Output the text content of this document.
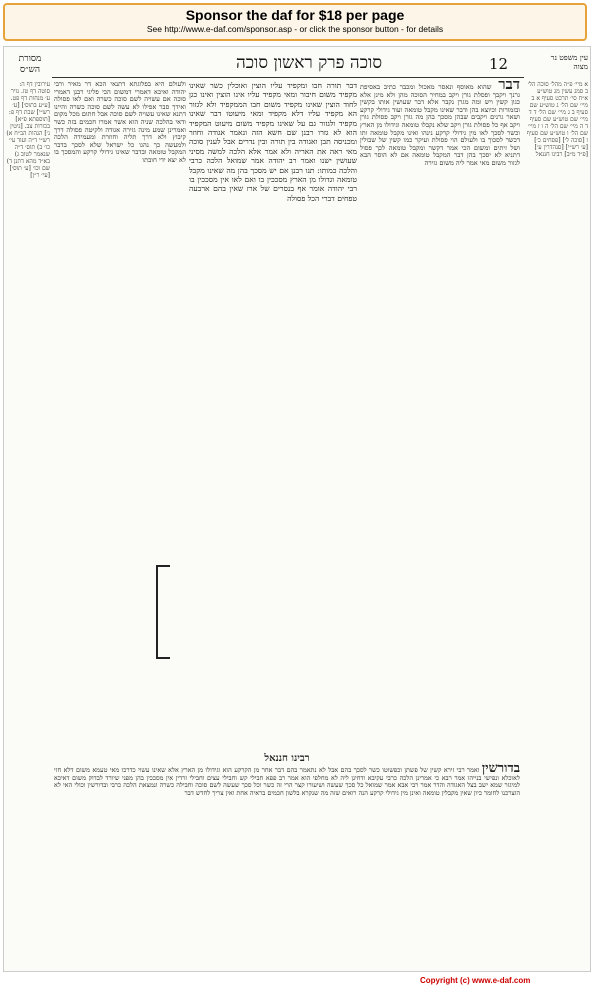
Sponsor the daf for $18 per page
See http://www.e-daf.com/sponsor.asp - or click the sponsor button - for details
מסורת הש״ס	סוכה פרק ראשון סוכה	12	עין משפט נר מצוה
עירובין דף ה: סוטה דף טז. נזיר ע׳ מנחות דף פט. [ע״ע בתוס׳] [ע׳ רש״י] שבת דף פ: [תוספתא פ״א] בכורות צב. [גיטין נ׳] הגהות הב״ח א) רש״י ד״ה ועוד עי׳ כו׳ ב) תוס׳ ד״ה שנאמר לטוב ג) בא״ד מהא דתנן ד) שם וכו׳ [ע׳ תוס׳] [עי׳ ר״ן]
א מיי׳ פ״ה מהל׳ סוכה הל׳ ב סמג עשין מג טוש״ע א״ח סי׳ תרכט סעיף א ב מיי׳ שם הל׳ ג טוש״ע שם סעיף ב ג מיי׳ שם הל׳ ד ד מיי׳ שם טוש״ע שם סעיף ד ה מיי׳ שם הל׳ ה ו ז מיי׳ שם הל׳ ו טוש״ע שם סעיף ו [סוכה ל׳] [פסחים כ׳] [ע׳ רש״י] [סנהדרין ע׳] [פ״ד מ״ב] רבינו חננאל
דבר שהוא מאוסף ונאסר מאכול ומכבר כתיב באסיפת גרנך ויקבך ופסלת גורן ויקב במחיר הסוכה מהן ולא מינן אלא כגון קשין ויש ומה מגרן נקבר אלא דבר שעושין אותו בקשין ובזמורות וכיוצא בהן ודבר שאינו מקבל טומאה ועוד גידולי קרקע ושאר גרנים ויקבים שבהן מסכך בהן מה גורן ויקב פסולת גורן ויקב אף כל פסולת גורן ויקב שלא נקבלו טומאה וגידולו מן הארץ וכשר לסכך לאו מין גידולי קרקע נינהו ואינו מקבל טומאה ותו דכשר לסכוך בו ולעולם הוי פסולת ועיקר כמו קשין של שבולין ושל זיתים ומשום הכי אמר דקשר ומקבל טומאה לכך פסול דתניא לא יסכך בהן דבר המקבל טומאה אם לא הוסר הבא לגזור משום מאי אמר ליה משום גזירה
דבר תורה חבו ומקפיד עליו הוצין ואוכלין כשר שאינו מקפיד משום חיבור ומאי מקפיד עליו אינו הוצין ואינו כגן לחוד הוצין שאינו מקפיד משום חבו הממקפיד ולא לגזור הא מקפיד עליו דלא מקפיד ומאי מיעוטו דבר שאינו מקפיד ולגזור גם על שאינו מקפיד משום מיעוט המקפיד הוא לא גזרו רבנן שם חשא הזה ונאמר אגודה וחוזר ומכניסה תבן ואגודה בין תורה ובין נדרים אבל לענין סוכה מאי ראה את האריה ולא אמר אלא הלכה למשה מסיני שעושין ישנו ואמר רב יהודה אמר שמואל הלכה כרבי והלכה כמותו: תנו רבנן אם יש מסכך בהן מה שאינו מקבל טומאה וגדולו מן הארץ מסככין בו ואם לאו אין מסככין בו רבי יהודה אומר אף בנסרים של ארז שאין בהם ארבעה טפחים דברי הכל פסולה
ולעולם היא בפלוגתא דתנאי הכא דר מאיר ורבי יהודה ואיכא דאמרי דמשום הכי פליגי רבנן דאמרי סוכה אם עשויה לשם סוכה כשרה ואם לאו פסולה ואידך סבר אפילו לא עשה לשם סוכה כשרה והיינו דתנא שאינו עשויה לשם סוכה אבל חתום מכל מקום ודאי בהלכה שניה הוא אשר אמרו חכמים בזה כשר ואמרינן שמע מינה גזירה אגודה ולקיטה פסולה דרך קיבוץ ולא דרך תליה וחוזרת ומעמידה הלכה ולמעשה כך נהגו כל ישראל שלא לסכך בדבר המקבל טומאה ובדבר שאינו גידולי קרקע והמסכך בו לא יצא ידי חובתו
רבינו חננאל
בדורשין ואמר רבי זירא קשין של פשתן וכפשוטו כשר לסכך בהם אבל לא נתאמר בהם דבר אחר מן הקרקע הוא וגידולו מן הארץ אלא שאינו עשוי כדרכו מאי טעמא משום דלא חזי לאוכלא ונפישי בנייהו אמר רבא כי אמרינן הלכה כרבי עקיבא ודחינן ליה לא מחלפי הוא אמר רב פפא חבילי קש וחבילי עצים וחבילי זרדין אין מסככין בהן מפני שיורד לבדוק משום דאיכא למיגזר שמא ישב בצל האגודה והדר אמר רבי אבא אמר שמואל כל סכך שעשה ושיעורו קצר הרי זה כשר וכל סכך שעשה לשם סוכה וחבילה כשרה ונמצאת הלכה כרבי ובדורשין וכולי האי לא הוצרכנו לחומר כיון שאין מקבלין טומאה ואינן מין גידולי קרקע הנה רואים שזה מה שנקרא בלשון חכמים בראיה אחת ואין צריך לחדש דבר
Copyright (c) www.e-daf.com
